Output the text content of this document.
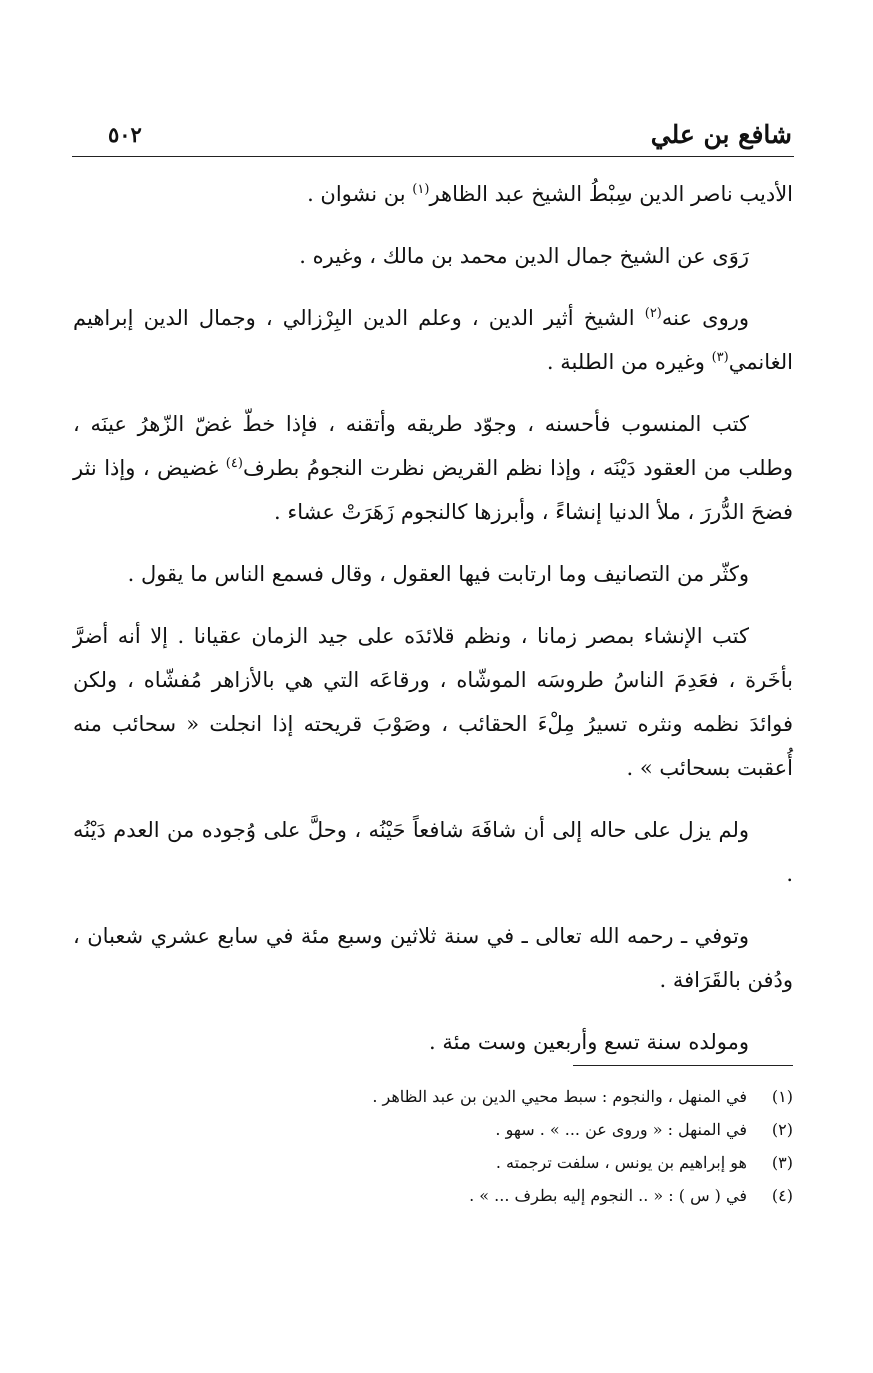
شافع بن علي
٥٠٢

الأديب ناصر الدين سِبْطُ الشيخ عبد الظاهر$^{(١)}$ بن نشوان .

رَوَى عن الشيخ جمال الدين محمد بن مالك ، وغيره .

وروى عنه$^{(٢)}$ الشيخ أثير الدين ، وعلم الدين البِرْزالي ، وجمال الدين إبراهيم الغانمي$^{(٣)}$ وغيره من الطلبة .

كتب المنسوب فأحسنه ، وجوّد طريقه وأتقنه ، فإذا خطّ غضّ الزّهرُ عينَه ، وطلب من العقود دَيْنَه ، وإذا نظم القريض نظرت النجومُ بطرف$^{(٤)}$ غضيض ، وإذا نثر فضحَ الدُّررَ ، ملأ الدنيا إنشاءً ، وأبرزها كالنجوم زَهَرَتْ عشاء .

وكثّر من التصانيف وما ارتابت فيها العقول ، وقال فسمع الناس ما يقول .

كتب الإنشاء بمصر زمانا ، ونظم قلائدَه على جيد الزمان عقيانا . إلا أنه أضرَّ بأخَرة ، فعَدِمَ الناسُ طروسَه الموشّاه ، ورقاعَه التي هي بالأزاهر مُفشّاه ، ولكن فوائدَ نظمه ونثره تسيرُ مِلْءَ الحقائب ، وصَوْبَ قريحته إذا انجلت « سحائب منه أُعقبت بسحائب » .

ولم يزل على حاله إلى أن شافَهَ شافعاً حَيْنُه ، وحلَّ على وُجوده من العدم دَيْنُه .

وتوفي ـ رحمه الله تعالى ـ في سنة ثلاثين وسبع مئة في سابع عشري شعبان ، ودُفن بالقَرَافة .

ومولده سنة تسع وأربعين وست مئة .

(١)
في المنهل ، والنجوم : سبط محيي الدين بن عبد الظاهر .
(٢)
في المنهل : « وروى عن ... » . سهو .
(٣)
هو إبراهيم بن يونس ، سلفت ترجمته .
(٤)
في ( س ) : « .. النجوم إليه بطرف ... » .
